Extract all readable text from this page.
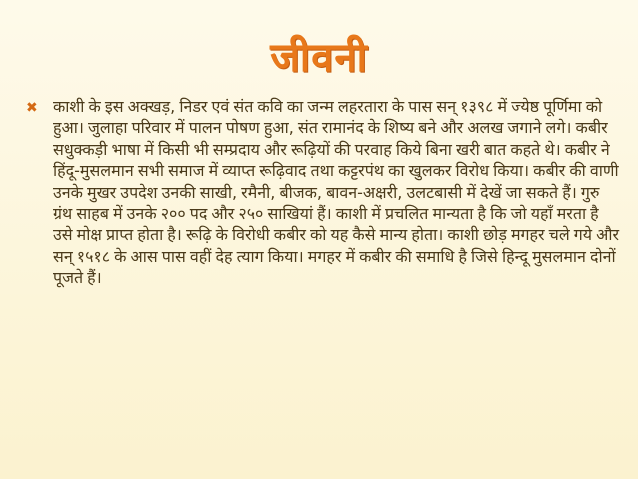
जीवनी
✖ काशी के इस अक्खड़, निडर एवं संत कवि का जन्म लहरतारा के पास सन् १३९८ में ज्येष्ठ पूर्णिमा को हुआ। जुलाहा परिवार में पालन पोषण हुआ, संत रामानंद के शिष्य बने और अलख जगाने लगे। कबीर सधुक्कड़ी भाषा में किसी भी सम्प्रदाय और रूढ़ियों की परवाह किये बिना खरी बात कहते थे। कबीर ने हिंदू-मुसलमान सभी समाज में व्याप्त रूढ़िवाद तथा कट्टरपंथ का खुलकर विरोध किया। कबीर की वाणी उनके मुखर उपदेश उनकी साखी, रमैनी, बीजक, बावन-अक्षरी, उलटबासी में देखें जा सकते हैं। गुरु ग्रंथ साहब में उनके २०० पद और २५० साखियां हैं। काशी में प्रचलित मान्यता है कि जो यहाँ मरता है उसे मोक्ष प्राप्त होता है। रूढ़ि के विरोधी कबीर को यह कैसे मान्य होता। काशी छोड़ मगहर चले गये और सन् १५१८ के आस पास वहीं देह त्याग किया। मगहर में कबीर की समाधि है जिसे हिन्दू मुसलमान दोनों पूजते हैं।
